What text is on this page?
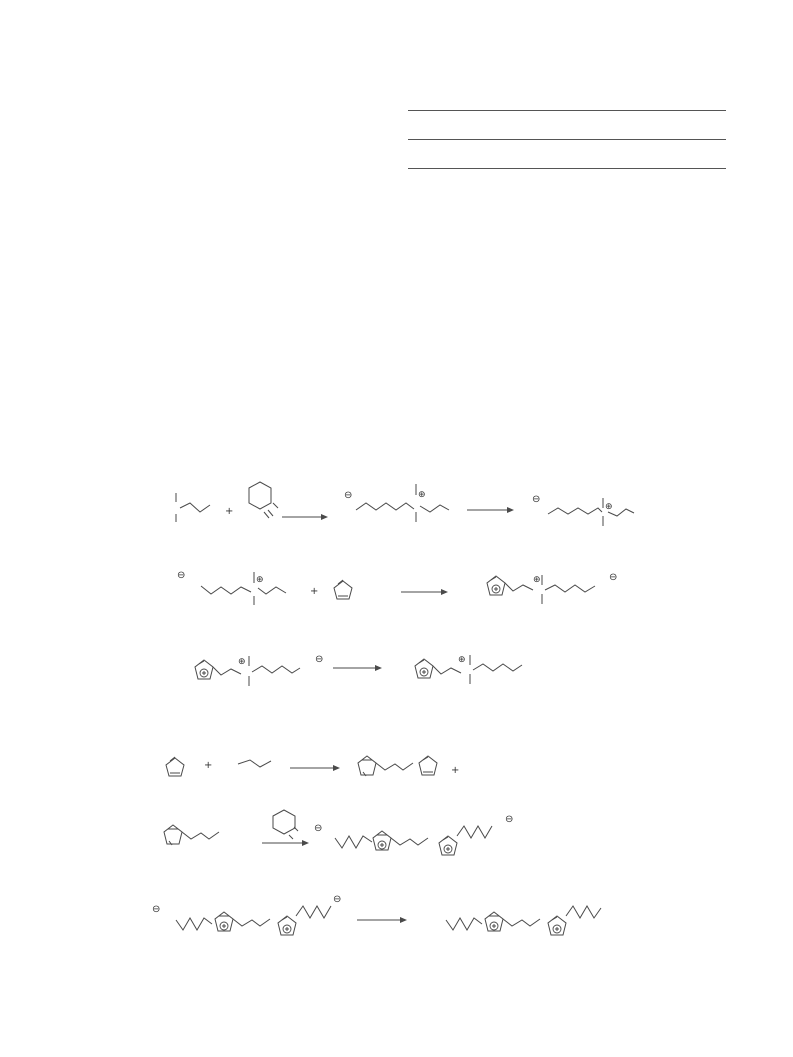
+
⊖	⊕	⊖
⊕
⊖	⊕
+
⊕	⊖
⊕	⊖	⊕
+	+
⊖
⊖
⊖
⊖
